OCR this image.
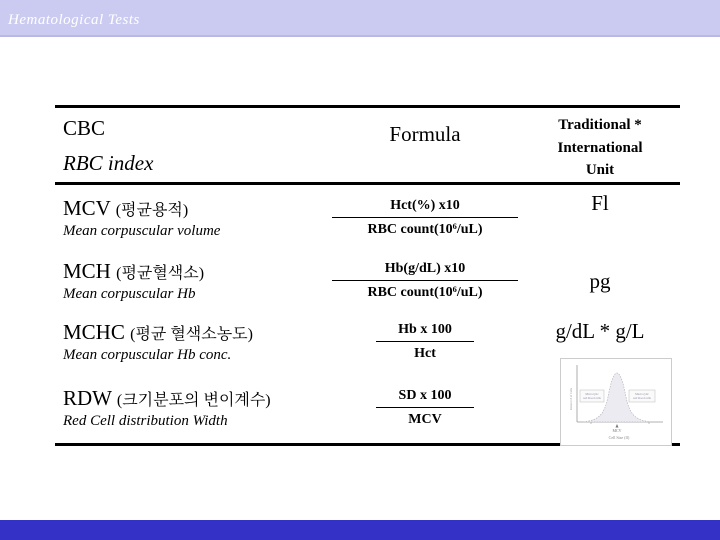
Hematological Tests
CBC
RBC index
Formula	Traditional *
International
Unit
MCV (평균용적)
Mean corpuscular volume
Hct(%) x10
RBC count(10⁶/uL)
Fl
MCH (평균혈색소)
Mean corpuscular Hb
Hb(g/dL) x10
RBC count(10⁶/uL)	pg
MCHC (평균 혈색소농도)
Mean corpuscular Hb conc.
Hb x 100
Hct
g/dL * g/L
RDW (크기분포의 변이계수)
Red Cell distribution Width
SD x 100
MCV
Microcytic
red blood cells
Macrocytic
red blood cells
MCV
Cell Size (fl)
Relative # of Cells
